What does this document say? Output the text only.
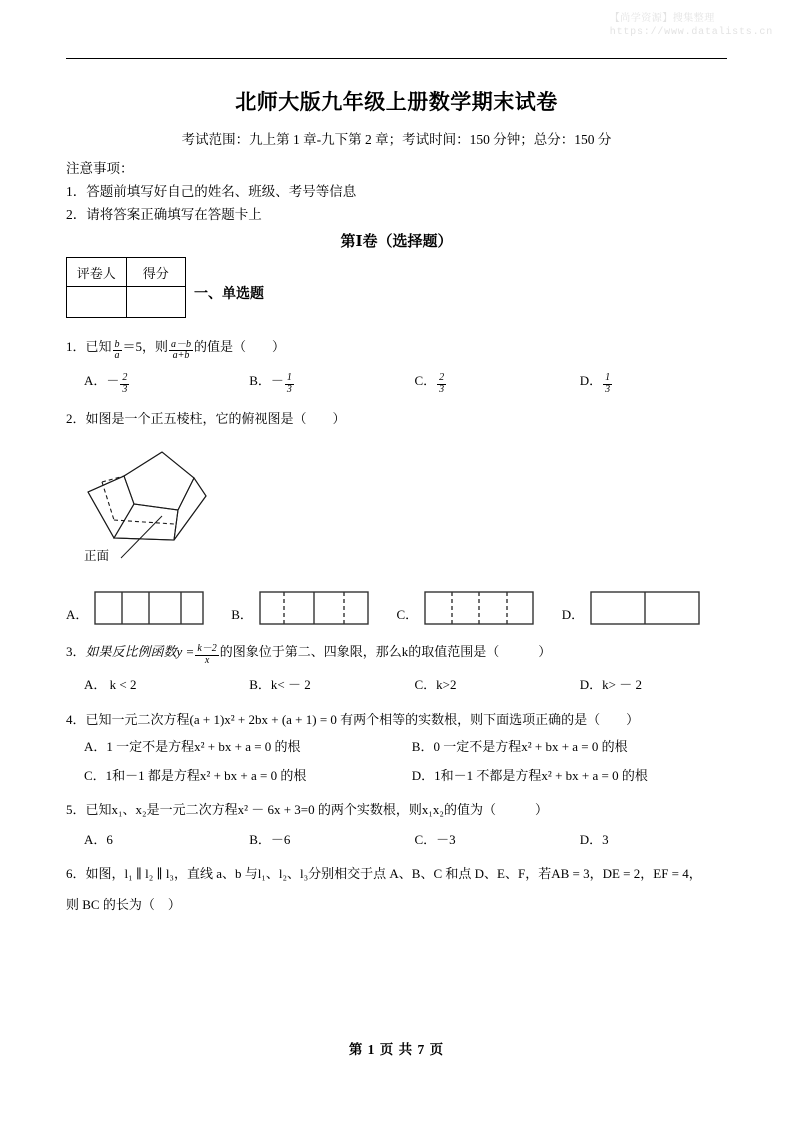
【尚学资源】搜集整理
https://www.datalists.cn
北师大版九年级上册数学期末试卷

考试范围：九上第 1 章-九下第 2 章；考试时间：150 分钟；总分：150 分

注意事项：

1．答题前填写好自己的姓名、班级、考号等信息

2．请将答案正确填写在答题卡上

第Ⅰ卷（选择题）

评卷人	得分

一、单选题
1．已知 $\frac{b}{a} =5$，则 $\frac{a-b}{a+b}$ 的值是（　　）
A．－ $\frac{2}{3}$	B．－ $\frac{1}{3}$	C． $\frac{2}{3}$	D． $\frac{1}{3}$
2．如图是一个正五棱柱，它的俯视图是（　　）
正面
A．	B．	C．	D．
3．如果反比例函数$y = \frac{k-2}{x}$ 的图象位于第二、四象限，那么k的取值范围是（　　　）
A． k < 2	B．k< － 2	C．k>2	D．k> － 2
4．已知一元二次方程(a + 1)x² + 2bx + (a + 1) = 0 有两个相等的实数根，则下面选项正确的是（　　）
A．1 一定不是方程x² + bx + a = 0 的根	B．0 一定不是方程x² + bx + a = 0 的根
C．1和－1 都是方程x² + bx + a = 0 的根	D．1和－1 不都是方程x² + bx + a = 0 的根
5．已知x₁、x₂是一元二次方程x² － 6x + 3=0 的两个实数根，则x₁x₂的值为（　　　）
A．6	B．－6	C．－3	D．3
6．如图，l₁ ∥ l₂ ∥ l₃，直线 a、b 与l₁、l₂、l₃分别相交于点 A、B、C 和点 D、E、F，若AB = 3，DE = 2，EF = 4，
则 BC 的长为（　）
第 1 页 共 7 页
